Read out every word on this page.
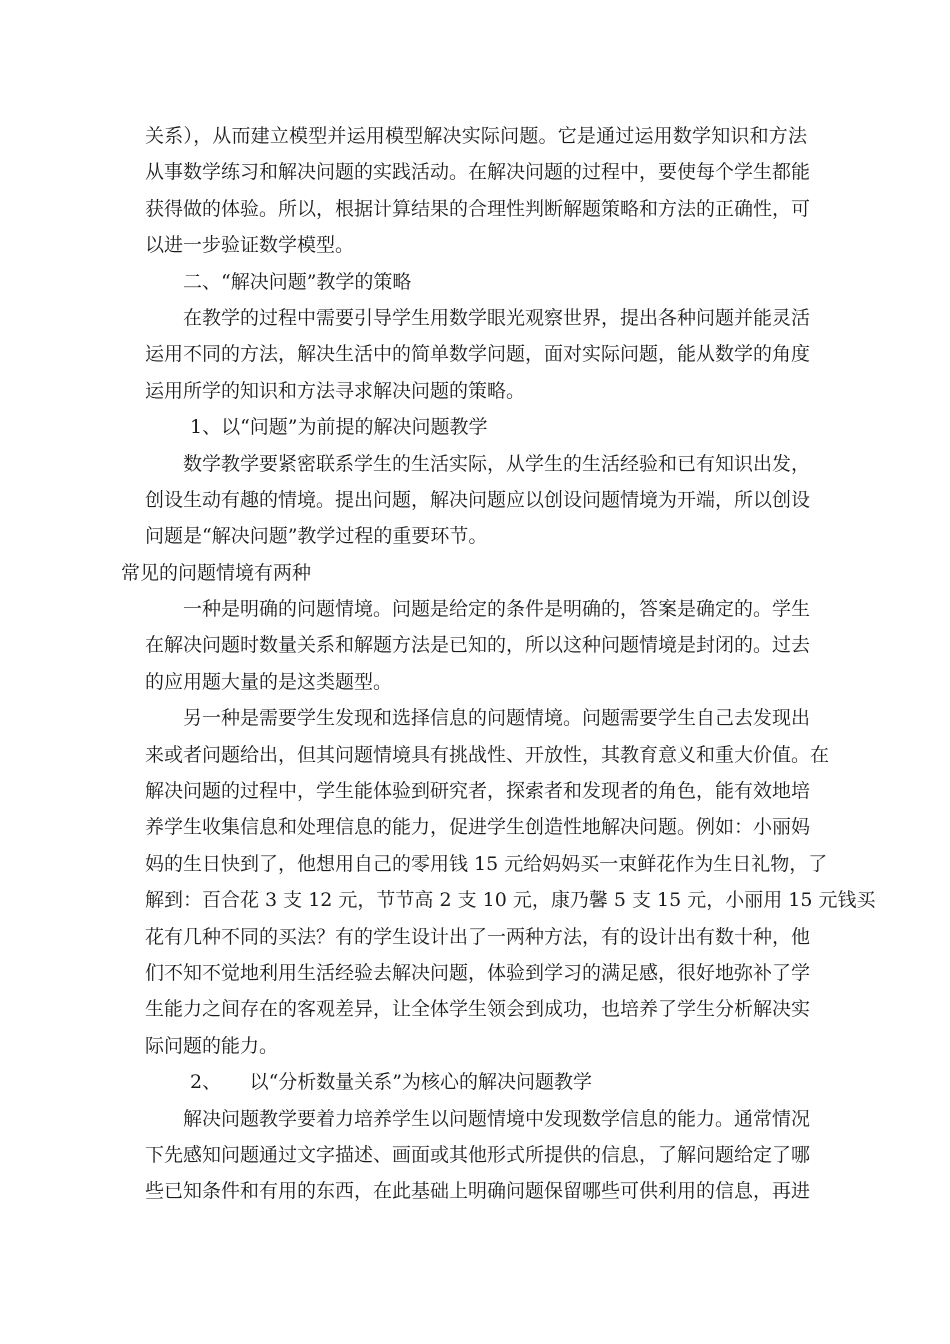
关系），从而建立模型并运用模型解决实际问题。它是通过运用数学知识和方法
从事数学练习和解决问题的实践活动。在解决问题的过程中，要使每个学生都能
获得做的体验。所以，根据计算结果的合理性判断解题策略和方法的正确性，可
以进一步验证数学模型。
二、“解决问题”教学的策略
在教学的过程中需要引导学生用数学眼光观察世界，提出各种问题并能灵活
运用不同的方法，解决生活中的简单数学问题，面对实际问题，能从数学的角度
运用所学的知识和方法寻求解决问题的策略。
1、以“问题”为前提的解决问题教学
数学教学要紧密联系学生的生活实际，从学生的生活经验和已有知识出发，
创设生动有趣的情境。提出问题，解决问题应以创设问题情境为开端，所以创设
问题是“解决问题”教学过程的重要环节。
常见的问题情境有两种
一种是明确的问题情境。问题是给定的条件是明确的，答案是确定的。学生
在解决问题时数量关系和解题方法是已知的，所以这种问题情境是封闭的。过去
的应用题大量的是这类题型。
另一种是需要学生发现和选择信息的问题情境。问题需要学生自己去发现出
来或者问题给出，但其问题情境具有挑战性、开放性，其教育意义和重大价值。在
解决问题的过程中，学生能体验到研究者，探索者和发现者的角色，能有效地培
养学生收集信息和处理信息的能力，促进学生创造性地解决问题。例如：小丽妈
妈的生日快到了，他想用自己的零用钱 15 元给妈妈买一束鲜花作为生日礼物，了
解到：百合花 3 支 12 元，节节高 2 支 10 元，康乃馨 5 支 15 元，小丽用 15 元钱买
花有几种不同的买法？有的学生设计出了一两种方法，有的设计出有数十种，他
们不知不觉地利用生活经验去解决问题，体验到学习的满足感，很好地弥补了学
生能力之间存在的客观差异，让全体学生领会到成功，也培养了学生分析解决实
际问题的能力。
2、　　以“分析数量关系”为核心的解决问题教学
解决问题教学要着力培养学生以问题情境中发现数学信息的能力。通常情况
下先感知问题通过文字描述、画面或其他形式所提供的信息，了解问题给定了哪
些已知条件和有用的东西，在此基础上明确问题保留哪些可供利用的信息，再进
